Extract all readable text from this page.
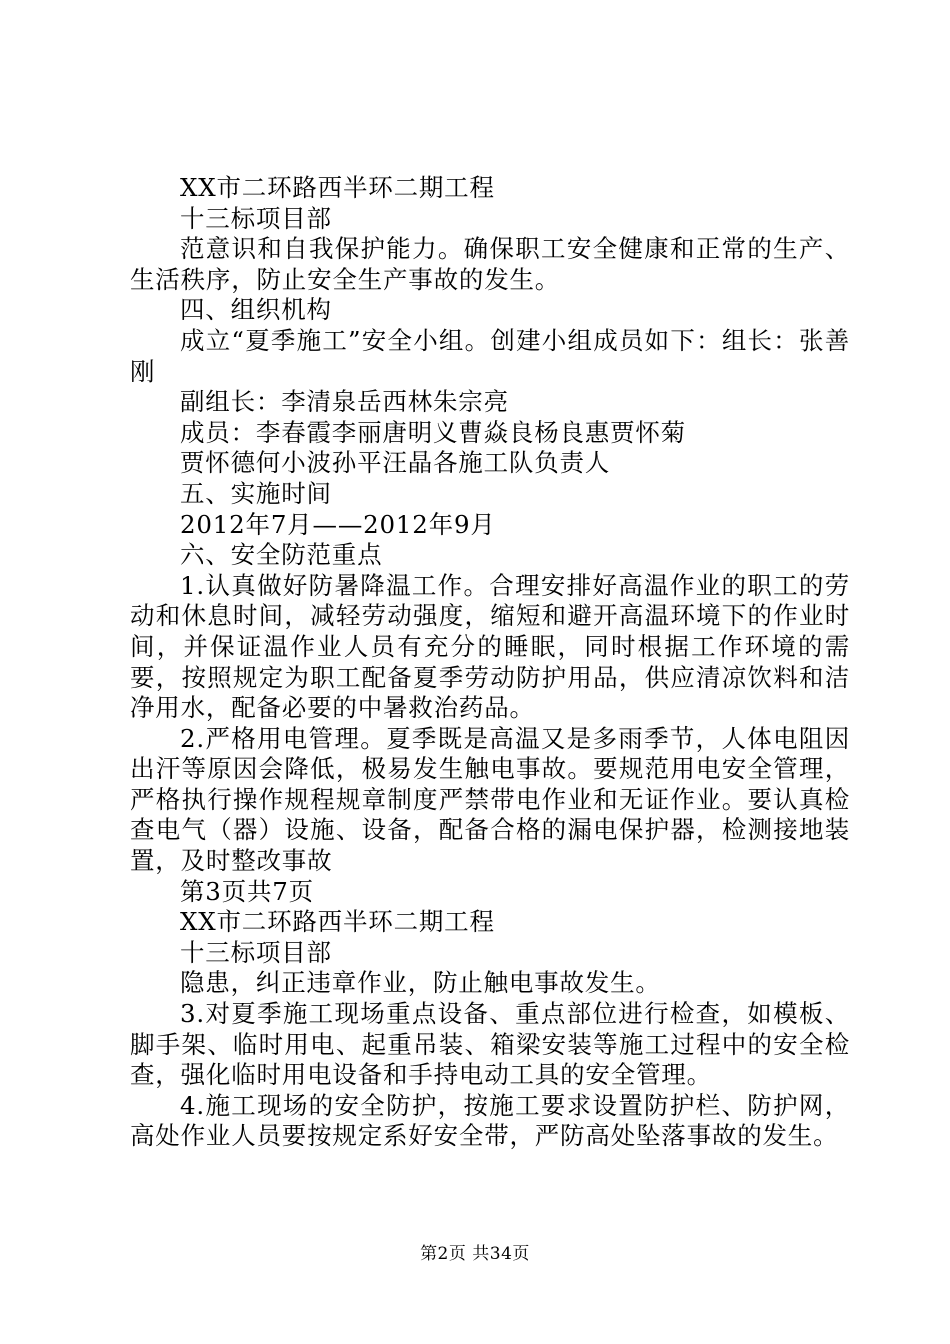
XX市二环路西半环二期工程

十三标项目部

范意识和自我保护能力。确保职工安全健康和正常的生产、生活秩序，防止安全生产事故的发生。

四、组织机构

成立“夏季施工”安全小组。创建小组成员如下：组长：张善刚

副组长：李清泉岳西林朱宗亮

成员：李春霞李丽唐明义曹焱良杨良惠贾怀菊

贾怀德何小波孙平汪晶各施工队负责人

五、实施时间

2012年7月——2012年9月

六、安全防范重点

1.认真做好防暑降温工作。合理安排好高温作业的职工的劳动和休息时间，减轻劳动强度，缩短和避开高温环境下的作业时间，并保证温作业人员有充分的睡眠，同时根据工作环境的需要，按照规定为职工配备夏季劳动防护用品，供应清凉饮料和洁净用水，配备必要的中暑救治药品。

2.严格用电管理。夏季既是高温又是多雨季节，人体电阻因出汗等原因会降低，极易发生触电事故。要规范用电安全管理，严格执行操作规程规章制度严禁带电作业和无证作业。要认真检查电气（器）设施、设备，配备合格的漏电保护器，检测接地装置，及时整改事故

第3页共7页

XX市二环路西半环二期工程

十三标项目部

隐患，纠正违章作业，防止触电事故发生。

3.对夏季施工现场重点设备、重点部位进行检查，如模板、脚手架、临时用电、起重吊装、箱梁安装等施工过程中的安全检查，强化临时用电设备和手持电动工具的安全管理。

4.施工现场的安全防护，按施工要求设置防护栏、防护网，高处作业人员要按规定系好安全带，严防高处坠落事故的发生。

第2页 共34页
